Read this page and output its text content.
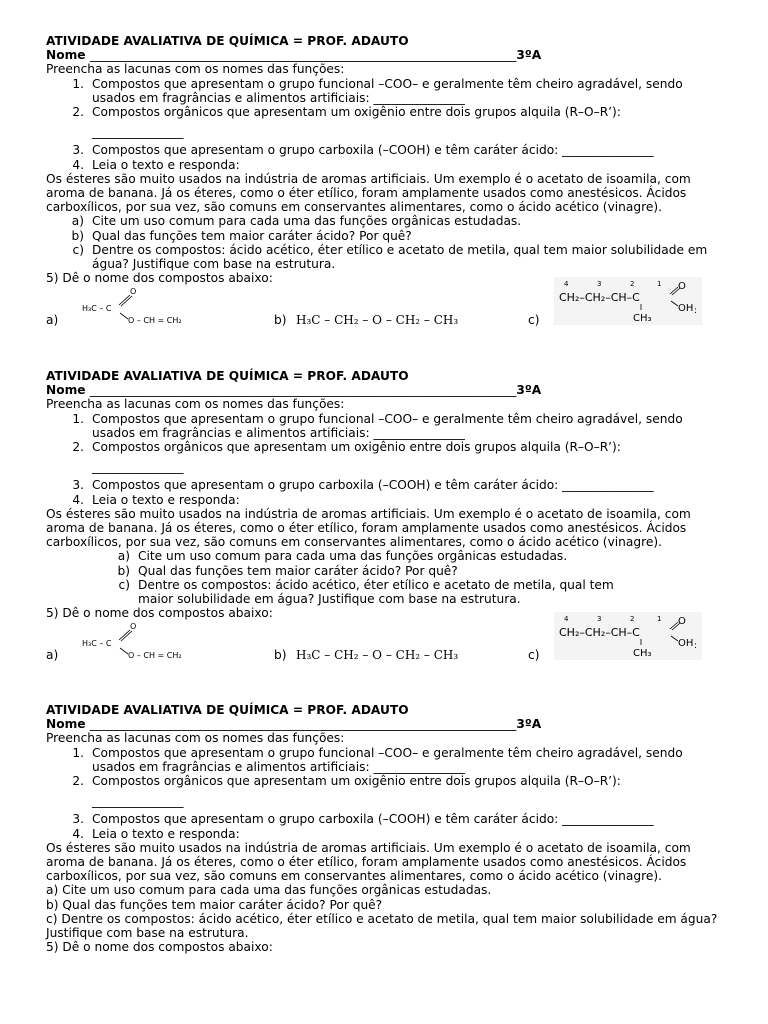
ATIVIDADE AVALIATIVA DE QUÍMICA = PROF. ADAUTO
Nome ______________________________________________________________________3ºA

Preencha as lacunas com os nomes das funções:

1. Compostos que apresentam o grupo funcional –COO– e geralmente têm cheiro agradável, sendo usados em fragrâncias e alimentos artificiais: _______________
2. Compostos orgânicos que apresentam um oxigênio entre dois grupos alquila (R–O–R’):
_______________
3. Compostos que apresentam o grupo carboxila (–COOH) e têm caráter ácido: _______________
4. Leia o texto e responda:

Os ésteres são muito usados na indústria de aromas artificiais. Um exemplo é o acetato de isoamila, com aroma de banana. Já os éteres, como o éter etílico, foram amplamente usados como anestésicos. Ácidos carboxílicos, por sua vez, são comuns em conservantes alimentares, como o ácido acético (vinagre).

a) Cite um uso comum para cada uma das funções orgânicas estudadas.
b) Qual das funções tem maior caráter ácido? Por quê?
c) Dentre os compostos: ácido acético, éter etílico e acetato de metila, qual tem maior solubilidade em água? Justifique com base na estrutura.

5) Dê o nome dos compostos abaixo:

H₃C – C
O
O – CH = CH₂
a)	b) H₃C – CH₂ – O – CH₂ – CH₃	c)
4	3	2	1
CH₂–CH₂–CH–C
O
OH
CH₃
:
ATIVIDADE AVALIATIVA DE QUÍMICA = PROF. ADAUTO
Nome ______________________________________________________________________3ºA

Preencha as lacunas com os nomes das funções:

1. Compostos que apresentam o grupo funcional –COO– e geralmente têm cheiro agradável, sendo usados em fragrâncias e alimentos artificiais: _______________
2. Compostos orgânicos que apresentam um oxigênio entre dois grupos alquila (R–O–R’):
_______________
3. Compostos que apresentam o grupo carboxila (–COOH) e têm caráter ácido: _______________
4. Leia o texto e responda:

Os ésteres são muito usados na indústria de aromas artificiais. Um exemplo é o acetato de isoamila, com aroma de banana. Já os éteres, como o éter etílico, foram amplamente usados como anestésicos. Ácidos carboxílicos, por sua vez, são comuns em conservantes alimentares, como o ácido acético (vinagre).

a) Cite um uso comum para cada uma das funções orgânicas estudadas.
b) Qual das funções tem maior caráter ácido? Por quê?
c) Dentre os compostos: ácido acético, éter etílico e acetato de metila, qual tem maior solubilidade em água? Justifique com base na estrutura.

5) Dê o nome dos compostos abaixo:

H₃C – C
O
O – CH = CH₂
a)	b) H₃C – CH₂ – O – CH₂ – CH₃	c)
4	3	2	1
CH₂–CH₂–CH–C
O
OH
CH₃
:
ATIVIDADE AVALIATIVA DE QUÍMICA = PROF. ADAUTO
Nome ______________________________________________________________________3ºA

Preencha as lacunas com os nomes das funções:

1. Compostos que apresentam o grupo funcional –COO– e geralmente têm cheiro agradável, sendo usados em fragrâncias e alimentos artificiais: _______________
2. Compostos orgânicos que apresentam um oxigênio entre dois grupos alquila (R–O–R’):
_______________
3. Compostos que apresentam o grupo carboxila (–COOH) e têm caráter ácido: _______________
4. Leia o texto e responda:

Os ésteres são muito usados na indústria de aromas artificiais. Um exemplo é o acetato de isoamila, com aroma de banana. Já os éteres, como o éter etílico, foram amplamente usados como anestésicos. Ácidos carboxílicos, por sua vez, são comuns em conservantes alimentares, como o ácido acético (vinagre).

a) Cite um uso comum para cada uma das funções orgânicas estudadas.

b) Qual das funções tem maior caráter ácido? Por quê?

c) Dentre os compostos: ácido acético, éter etílico e acetato de metila, qual tem maior solubilidade em água? Justifique com base na estrutura.

5) Dê o nome dos compostos abaixo:
